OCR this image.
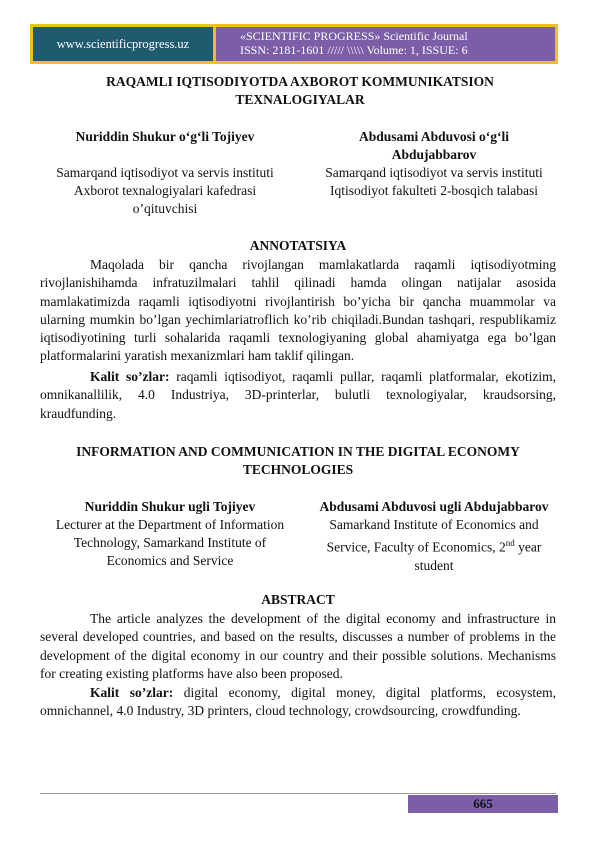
www.scientificprogress.uz
«SCIENTIFIC PROGRESS» Scientific Journal
ISSN: 2181-1601 ///// \\\\\ Volume: 1, ISSUE: 6
RAQAMLI IQTISODIYOTDA AXBOROT KOMMUNIKATSION
TEXNALOGIYALAR
Nuriddin Shukur o‘g‘li Tojiyev
Samarqand iqtisodiyot va servis instituti
Axborot texnalogiyalari kafedrasi
o’qituvchisi
Abdusami Abduvosi o‘g‘li
Abdujabbarov
Samarqand iqtisodiyot va servis instituti
Iqtisodiyot fakulteti 2-bosqich talabasi
ANNOTATSIYA
Maqolada bir qancha rivojlangan mamlakatlarda raqamli iqtisodiyotming rivojlanishihamda infratuzilmalari tahlil qilinadi hamda olingan natijalar asosida mamlakatimizda raqamli iqtisodiyotni rivojlantirish bo’yicha bir qancha muammolar va ularning mumkin bo’lgan yechimlariatroflich ko’rib chiqiladi.Bundan tashqari, respublikamiz iqtisodiyotining turli sohalarida raqamli texnologiyaning global ahamiyatga ega bo’lgan platformalarini yaratish mexanizmlari ham taklif qilingan.
Kalit so’zlar: raqamli iqtisodiyot, raqamli pullar, raqamli platformalar, ekotizim, omnikanallilik, 4.0 Industriya, 3D-printerlar, bulutli texnologiyalar, kraudsorsing, kraudfunding.
INFORMATION AND COMMUNICATION IN THE DIGITAL ECONOMY
TECHNOLOGIES
Nuriddin Shukur ugli Tojiyev
Lecturer at the Department of Information
Technology, Samarkand Institute of
Economics and Service
Abdusami Abduvosi ugli Abdujabbarov
Samarkand Institute of Economics and
Service, Faculty of Economics, 2nd year
student
ABSTRACT
The article analyzes the development of the digital economy and infrastructure in several developed countries, and based on the results, discusses a number of problems in the development of the digital economy in our country and their possible solutions. Mechanisms for creating existing platforms have also been proposed.
Kalit so’zlar: digital economy, digital money, digital platforms, ecosystem, omnichannel, 4.0 Industry, 3D printers, cloud technology, crowdsourcing, crowdfunding.
665
